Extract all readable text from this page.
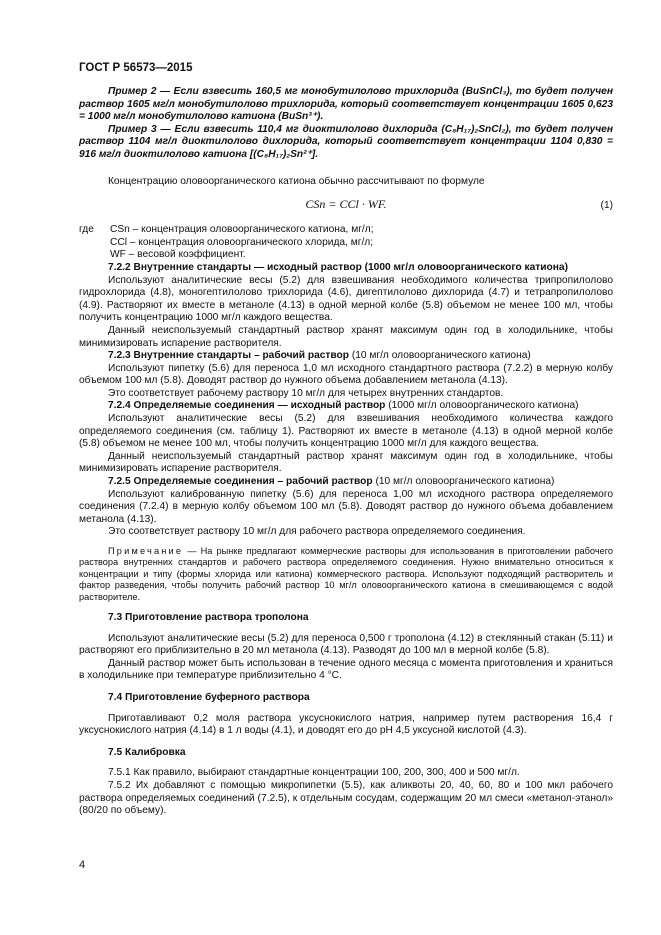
ГОСТ Р 56573—2015

Пример 2 — Если взвесить 160,5 мг монобутилолово трихлорида (BuSnCl₃), то будет получен раствор 1605 мг/л монобутилолово трихлорида, который соответствует концентрации 1605 0,623 = 1000 мг/л монобутилолово катиона (BuSn³⁺).

Пример 3 — Если взвесить 110,4 мг диоктилолово дихлорида (C₈H₁₇)₂SnCl₂), то будет получен раствор 1104 мг/л диоктилолово дихлорида, который соответствует концентрации 1104 0,830 = 916 мг/л диоктилолово катиона [(C₈H₁₇)₂Sn²⁺].

Концентрацию оловоорганического катиона обычно рассчитывают по формуле

CSn = CCl · WF.	(1)
где	CSn – концентрация оловоорганического катиона, мг/л;
CCl – концентрация оловоорганического хлорида, мг/л;
WF – весовой коэффициент.

7.2.2 Внутренние стандарты — исходный раствор (1000 мг/л оловоорганического катиона)

Используют аналитические весы (5.2) для взвешивания необходимого количества трипропилолово гидрохлорида (4.8), моногептилолово трихлорида (4.6), дигептилолово дихлорида (4.7) и тетрапропилолово (4.9). Растворяют их вместе в метаноле (4.13) в одной мерной колбе (5.8) объемом не менее 100 мл, чтобы получить концентрацию 1000 мг/л каждого вещества.

Данный неиспользуемый стандартный раствор хранят максимум один год в холодильнике, чтобы минимизировать испарение растворителя.

7.2.3 Внутренние стандарты – рабочий раствор (10 мг/л оловоорганического катиона)

Используют пипетку (5.6) для переноса 1,0 мл исходного стандартного раствора (7.2.2) в мерную колбу объемом 100 мл (5.8). Доводят раствор до нужного объема добавлением метанола (4.13).

Это соответствует рабочему раствору 10 мг/л для четырех внутренних стандартов.

7.2.4 Определяемые соединения — исходный раствор (1000 мг/л оловоорганического катиона)

Используют аналитические весы (5.2) для взвешивания необходимого количества каждого определяемого соединения (см. таблицу 1). Растворяют их вместе в метаноле (4.13) в одной мерной колбе (5.8) объемом не менее 100 мл, чтобы получить концентрацию 1000 мг/л для каждого вещества.

Данный неиспользуемый стандартный раствор хранят максимум один год в холодильнике, чтобы минимизировать испарение растворителя.

7.2.5 Определяемые соединения – рабочий раствор (10 мг/л оловоорганического катиона)

Используют калиброванную пипетку (5.6) для переноса 1,00 мл исходного раствора определяемого соединения (7.2.4) в мерную колбу объемом 100 мл (5.8). Доводят раствор до нужного объема добавлением метанола (4.13).

Это соответствует раствору 10 мг/л для рабочего раствора определяемого соединения.

Примечание — На рынке предлагают коммерческие растворы для использования в приготовлении рабочего раствора внутренних стандартов и рабочего раствора определяемого соединения. Нужно внимательно относиться к концентрации и типу (формы хлорида или катиона) коммерческого раствора. Используют подходящий растворитель и фактор разведения, чтобы получить рабочий раствор 10 мг/л оловоорганического катиона в смешивающемся с водой растворителе.

7.3 Приготовление раствора трополона

Используют аналитические весы (5.2) для переноса 0,500 г трополона (4.12) в стеклянный стакан (5.11) и растворяют его приблизительно в 20 мл метанола (4.13). Разводят до 100 мл в мерной колбе (5.8).

Данный раствор может быть использован в течение одного месяца с момента приготовления и храниться в холодильнике при температуре приблизительно 4 °C.

7.4 Приготовление буферного раствора

Приготавливают 0,2 моля раствора уксуснокислого натрия, например путем растворения 16,4 г уксуснокислого натрия (4.14) в 1 л воды (4.1), и доводят его до pH 4,5 уксусной кислотой (4.3).

7.5 Калибровка

7.5.1 Как правило, выбирают стандартные концентрации 100, 200, 300, 400 и 500 мг/л.

7.5.2 Их добавляют с помощью микропипетки (5.5), как аликвоты 20, 40, 60, 80 и 100 мкл рабочего раствора определяемых соединений (7.2.5), к отдельным сосудам, содержащим 20 мл смеси «метанол-этанол» (80/20 по объему).

4
